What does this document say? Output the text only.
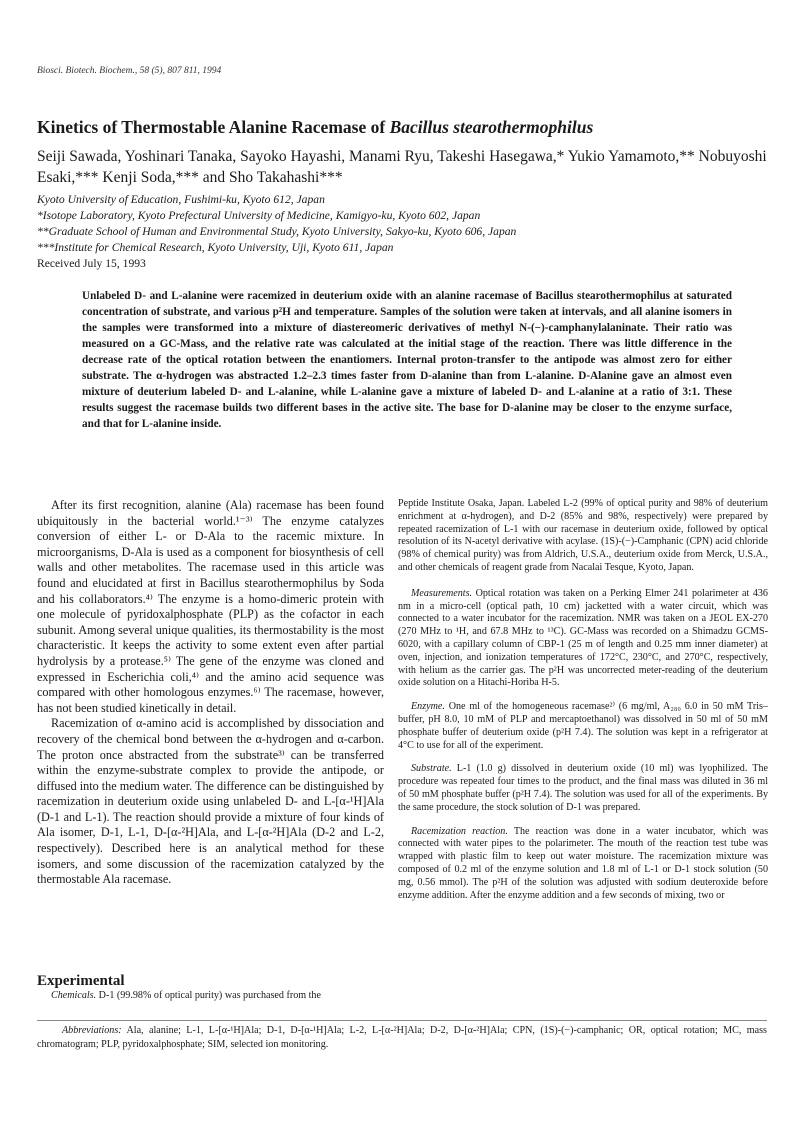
Biosci. Biotech. Biochem., 58 (5), 807 811, 1994
Kinetics of Thermostable Alanine Racemase of Bacillus stearothermophilus
Seiji Sawada, Yoshinari Tanaka, Sayoko Hayashi, Manami Ryu, Takeshi Hasegawa,* Yukio Yamamoto,** Nobuyoshi Esaki,*** Kenji Soda,*** and Sho Takahashi***
Kyoto University of Education, Fushimi-ku, Kyoto 612, Japan
*Isotope Laboratory, Kyoto Prefectural University of Medicine, Kamigyo-ku, Kyoto 602, Japan
**Graduate School of Human and Environmental Study, Kyoto University, Sakyo-ku, Kyoto 606, Japan
***Institute for Chemical Research, Kyoto University, Uji, Kyoto 611, Japan
Received July 15, 1993
Unlabeled D- and L-alanine were racemized in deuterium oxide with an alanine racemase of Bacillus stearothermophilus at saturated concentration of substrate, and various p²H and temperature. Samples of the solution were taken at intervals, and all alanine isomers in the samples were transformed into a mixture of diastereomeric derivatives of methyl N-(−)-camphanylalaninate. Their ratio was measured on a GC-Mass, and the relative rate was calculated at the initial stage of the reaction. There was little difference in the decrease rate of the optical rotation between the enantiomers. Internal proton-transfer to the antipode was almost zero for either substrate. The α-hydrogen was abstracted 1.2–2.3 times faster from D-alanine than from L-alanine. D-Alanine gave an almost even mixture of deuterium labeled D- and L-alanine, while L-alanine gave a mixture of labeled D- and L-alanine at a ratio of 3:1. These results suggest the racemase builds two different bases in the active site. The base for D-alanine may be closer to the enzyme surface, and that for L-alanine inside.

After its first recognition, alanine (Ala) racemase has been found ubiquitously in the bacterial world.¹⁻³⁾ The enzyme catalyzes conversion of either L- or D-Ala to the racemic mixture. In microorganisms, D-Ala is used as a component for biosynthesis of cell walls and other metabolites. The racemase used in this article was found and elucidated at first in Bacillus stearothermophilus by Soda and his collaborators.⁴⁾ The enzyme is a homo-dimeric protein with one molecule of pyridoxalphosphate (PLP) as the cofactor in each subunit. Among several unique qualities, its thermostability is the most characteristic. It keeps the activity to some extent even after partial hydrolysis by a protease.⁵⁾ The gene of the enzyme was cloned and expressed in Escherichia coli,⁴⁾ and the amino acid sequence was compared with other homologous enzymes.⁶⁾ The racemase, however, has not been studied kinetically in detail.

Racemization of α-amino acid is accomplished by dissociation and recovery of the chemical bond between the α-hydrogen and α-carbon. The proton once abstracted from the substrate³⁾ can be transferred within the enzyme-substrate complex to provide the antipode, or diffused into the medium water. The difference can be distinguished by racemization in deuterium oxide using unlabeled D- and L-[α-¹H]Ala (D-1 and L-1). The reaction should provide a mixture of four kinds of Ala isomer, D-1, L-1, D-[α-²H]Ala, and L-[α-²H]Ala (D-2 and L-2, respectively). Described here is an analytical method for these isomers, and some discussion of the racemization catalyzed by the thermostable Ala racemase.

Experimental
Chemicals. D-1 (99.98% of optical purity) was purchased from the

Peptide Institute Osaka, Japan. Labeled L-2 (99% of optical purity and 98% of deuterium enrichment at α-hydrogen), and D-2 (85% and 98%, respectively) were prepared by repeated racemization of L-1 with our racemase in deuterium oxide, followed by optical resolution of its N-acetyl derivative with acylase. (1S)-(−)-Camphanic (CPN) acid chloride (98% of chemical purity) was from Aldrich, U.S.A., deuterium oxide from Merck, U.S.A., and other chemicals of reagent grade from Nacalai Tesque, Kyoto, Japan.

Measurements. Optical rotation was taken on a Perking Elmer 241 polarimeter at 436 nm in a micro-cell (optical path, 10 cm) jacketted with a water circuit, which was connected to a water incubator for the racemization. NMR was taken on a JEOL EX-270 (270 MHz to ¹H, and 67.8 MHz to ¹³C). GC-Mass was recorded on a Shimadzu GCMS-6020, with a capillary column of CBP-1 (25 m of length and 0.25 mm inner diameter) at oven, injection, and ionization temperatures of 172°C, 230°C, and 270°C, respectively, with helium as the carrier gas. The p²H was uncorrected meter-reading of the deuterium oxide solution on a Hitachi-Horiba H-5.

Enzyme. One ml of the homogeneous racemase²⁾ (6 mg/ml, A₂₈₀ 6.0 in 50 mM Tris–buffer, pH 8.0, 10 mM of PLP and mercaptoethanol) was dissolved in 50 ml of 50 mM phosphate buffer of deuterium oxide (p²H 7.4). The solution was kept in a refrigerator at 4°C to use for all of the experiment.

Substrate. L-1 (1.0 g) dissolved in deuterium oxide (10 ml) was lyophilized. The procedure was repeated four times to the product, and the final mass was diluted in 36 ml of 50 mM phosphate buffer (p²H 7.4). The solution was used for all of the experiments. By the same procedure, the stock solution of D-1 was prepared.

Racemization reaction. The reaction was done in a water incubator, which was connected with water pipes to the polarimeter. The mouth of the reaction test tube was wrapped with plastic film to keep out water moisture. The racemization mixture was composed of 0.2 ml of the enzyme solution and 1.8 ml of L-1 or D-1 stock solution (50 mg, 0.56 mmol). The p²H of the solution was adjusted with sodium deuteroxide before enzyme addition. After the enzyme addition and a few seconds of mixing, two or

Abbreviations: Ala, alanine; L-1, L-[α-¹H]Ala; D-1, D-[α-¹H]Ala; L-2, L-[α-²H]Ala; D-2, D-[α-²H]Ala; CPN, (1S)-(−)-camphanic; OR, optical rotation; MC, mass chromatogram; PLP, pyridoxalphosphate; SIM, selected ion monitoring.
